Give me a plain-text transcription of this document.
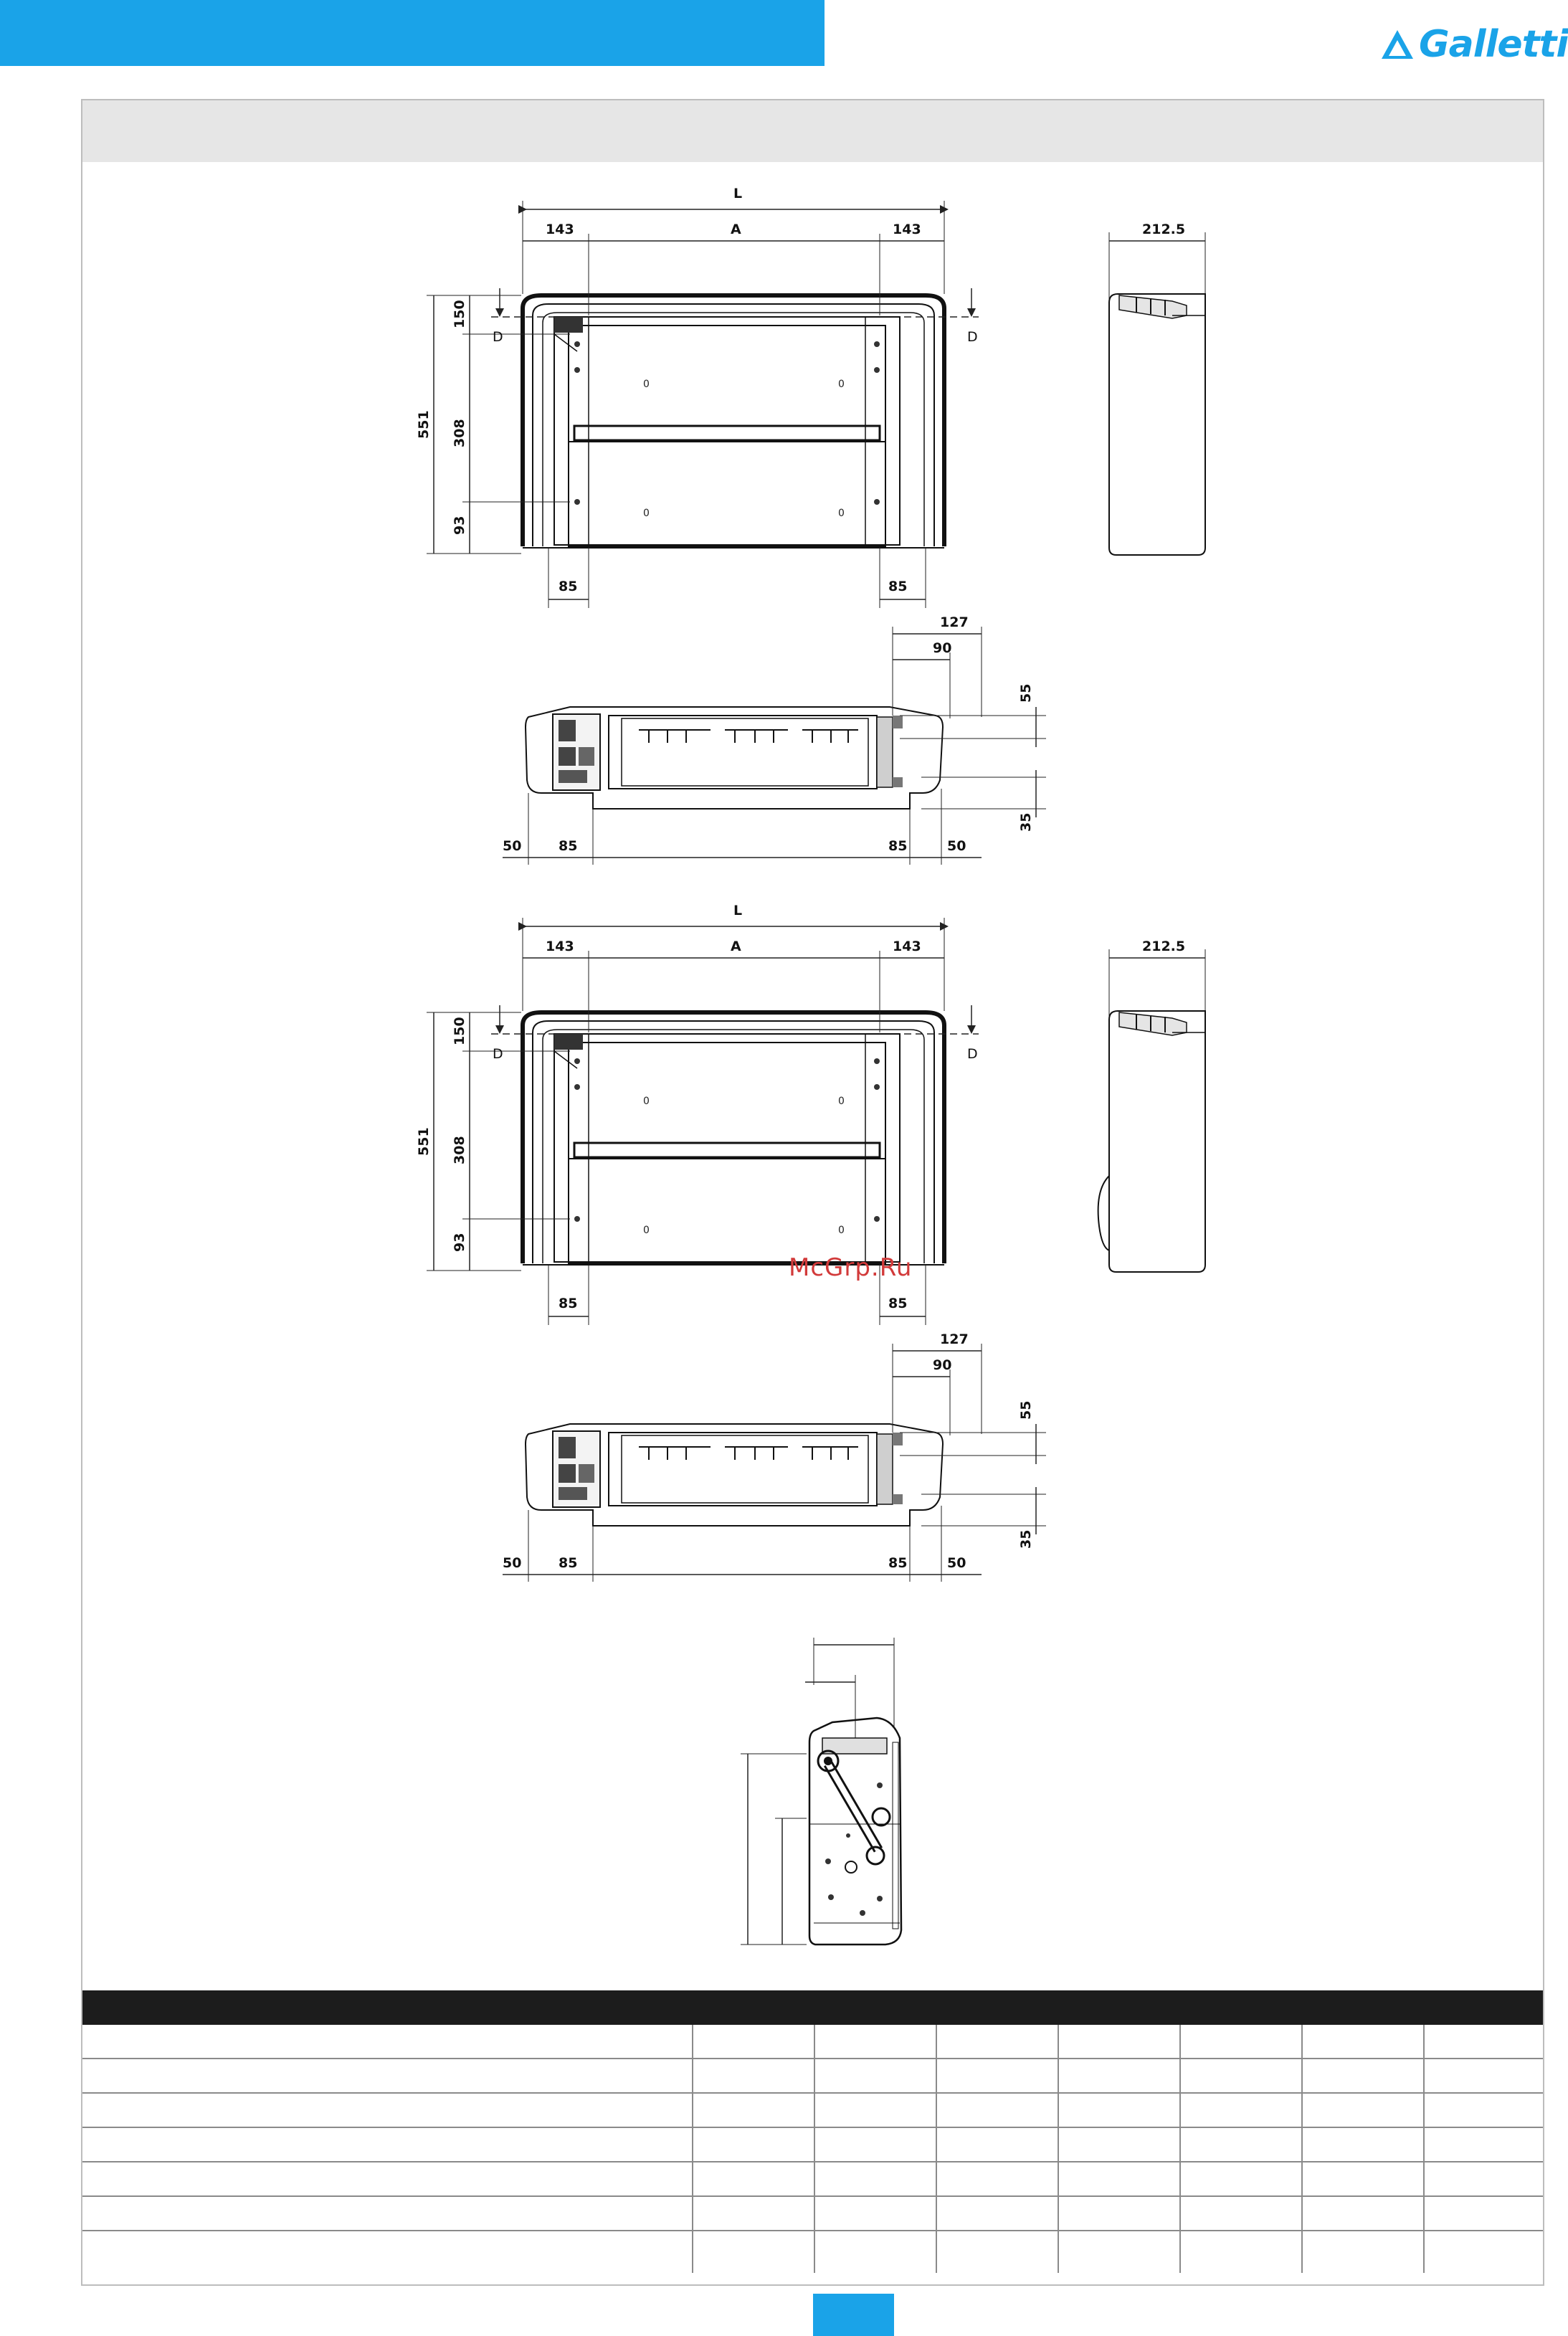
Galletti
L
143	A	143
D	D
150
308
93
551
85	85
212.5
127
90
55
35
50	85	85	50
L
143	A	143
D	D
150
308
93
551
85	85
212.5
127
90
55
35
50	85	85	50
McGrp.Ru
